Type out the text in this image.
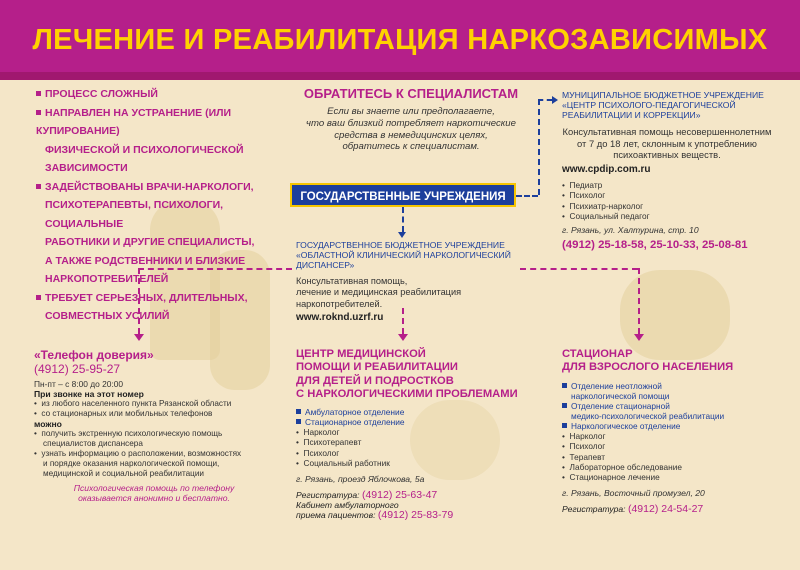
ЛЕЧЕНИЕ И РЕАБИЛИТАЦИЯ НАРКОЗАВИСИМЫХ
ПРОЦЕСС СЛОЖНЫЙ
НАПРАВЛЕН НА УСТРАНЕНИЕ (ИЛИ КУПИРОВАНИЕ)
ФИЗИЧЕСКОЙ И ПСИХОЛОГИЧЕСКОЙ ЗАВИСИМОСТИ
ЗАДЕЙСТВОВАНЫ ВРАЧИ-НАРКОЛОГИ,
ПСИХОТЕРАПЕВТЫ, ПСИХОЛОГИ, СОЦИАЛЬНЫЕ
РАБОТНИКИ И ДРУГИЕ СПЕЦИАЛИСТЫ,
А ТАКЖЕ РОДСТВЕННИКИ И БЛИЗКИЕ
НАРКОПОТРЕБИТЕЛЕЙ
ТРЕБУЕТ СЕРЬЕЗНЫХ, ДЛИТЕЛЬНЫХ,
СОВМЕСТНЫХ УСИЛИЙ
ОБРАТИТЕСЬ К СПЕЦИАЛИСТАМ
Если вы знаете или предполагаете,
что ваш близкий потребляет наркотические
средства в немедицинских целях,
обратитесь к специалистам.
ГОСУДАРСТВЕННЫЕ УЧРЕЖДЕНИЯ
МУНИЦИПАЛЬНОЕ БЮДЖЕТНОЕ УЧРЕЖДЕНИЕ
«ЦЕНТР ПСИХОЛОГО-ПЕДАГОГИЧЕСКОЙ
РЕАБИЛИТАЦИИ И КОРРЕКЦИИ»
Консультативная помощь несовершеннолетним
от 7 до 18 лет, склонным к употреблению
психоактивных веществ.
www.cpdip.com.ru
•  Педиатр
•  Психолог
•  Психиатр-нарколог
•  Социальный педагог
г. Рязань, ул. Халтурина, стр. 10
(4912) 25-18-58, 25-10-33, 25-08-81
ГОСУДАРСТВЕННОЕ БЮДЖЕТНОЕ УЧРЕЖДЕНИЕ
«ОБЛАСТНОЙ КЛИНИЧЕСКИЙ НАРКОЛОГИЧЕСКИЙ
ДИСПАНСЕР»
Консультативная помощь,
лечение и медицинская реабилитация
наркопотребителей.
www.roknd.uzrf.ru
«Телефон доверия»
(4912) 25-95-27
Пн-пт – с 8:00 до 20:00
При звонке на этот номер
•  из любого населенного пункта Рязанской области
•  со стационарных или мобильных телефонов
можно
•  получить экстренную психологическую помощь
специалистов диспансера
•  узнать информацию о расположении, возможностях
и порядке оказания наркологической помощи,
медицинской и социальной реабилитации
Психологическая помощь по телефону
оказывается анонимно и бесплатно.
ЦЕНТР МЕДИЦИНСКОЙ
ПОМОЩИ И РЕАБИЛИТАЦИИ
ДЛЯ ДЕТЕЙ И ПОДРОСТКОВ
С НАРКОЛОГИЧЕСКИМИ ПРОБЛЕМАМИ
Амбулаторное отделение
Стационарное отделение
•  Нарколог
•  Психотерапевт
•  Психолог
•  Социальный работник
г. Рязань, проезд Яблочкова, 5а
Регистратура: (4912) 25-63-47
Кабинет амбулаторного
приема пациентов: (4912) 25-83-79
СТАЦИОНАР
ДЛЯ ВЗРОСЛОГО НАСЕЛЕНИЯ
Отделение неотложной
наркологической помощи
Отделение стационарной
медико-психологической реабилитации
Наркологическое отделение
•  Нарколог
•  Психолог
•  Терапевт
•  Лабораторное обследование
•  Стационарное лечение
г. Рязань, Восточный промузел, 20
Регистратура: (4912) 24-54-27
